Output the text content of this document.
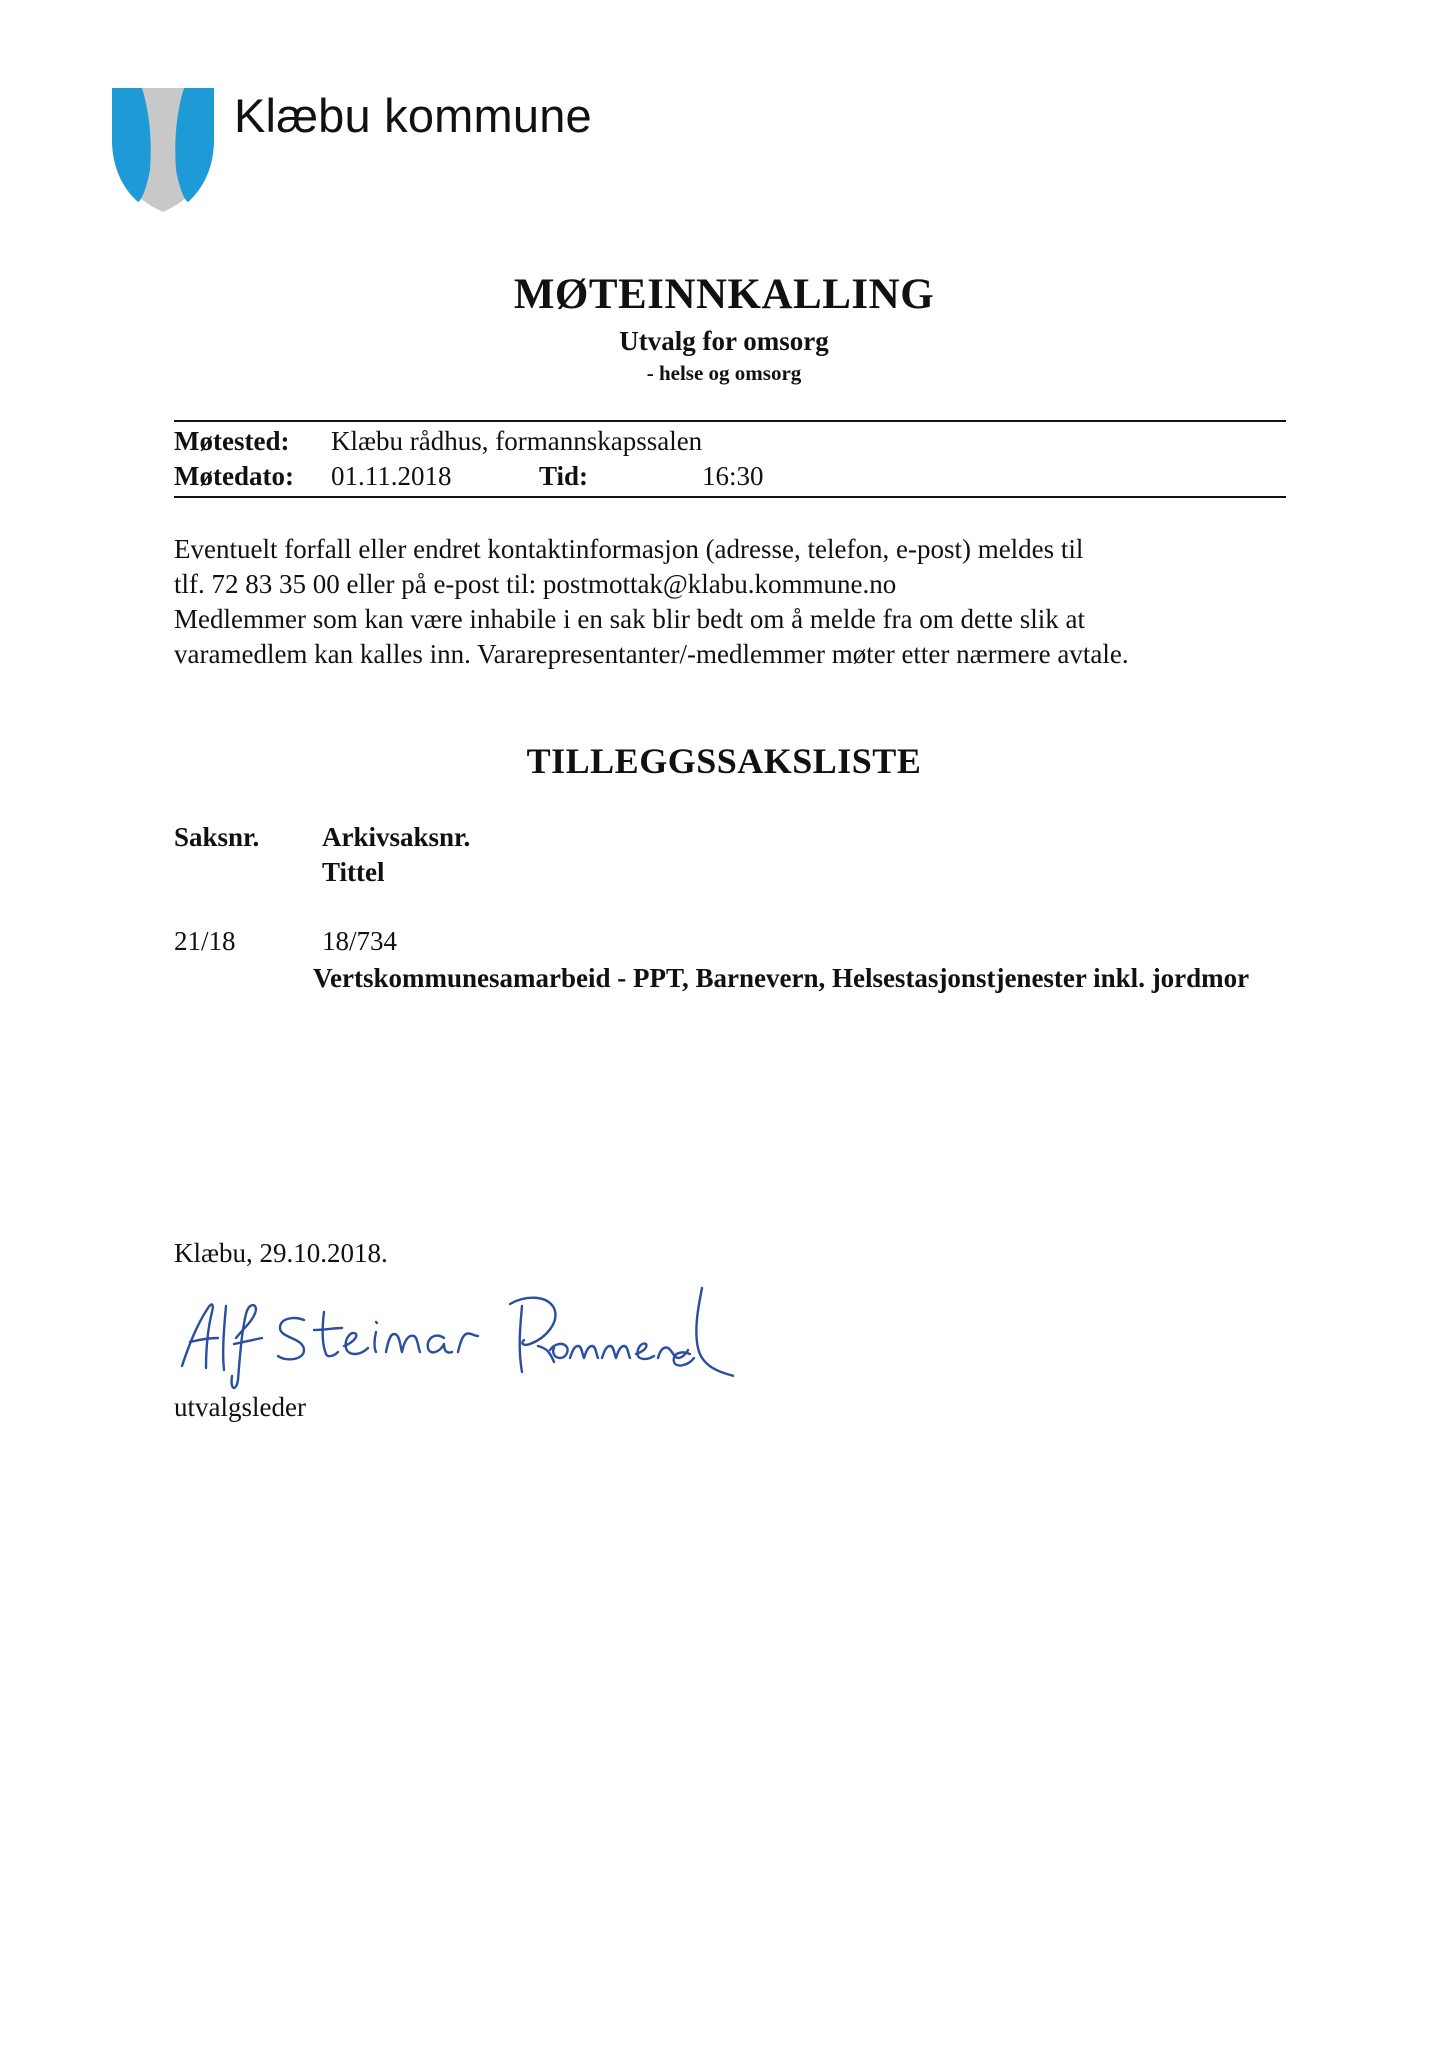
Klæbu kommune
MØTEINNKALLING
Utvalg for omsorg
- helse og omsorg
Møtested: Klæbu rådhus, formannskapssalen
Møtedato: 01.11.2018	Tid:	16:30
Eventuelt forfall eller endret kontaktinformasjon (adresse, telefon, e-post) meldes til
tlf. 72 83 35 00 eller på e-post til: postmottak@klabu.kommune.no
Medlemmer som kan være inhabile i en sak blir bedt om å melde fra om dette slik at
varamedlem kan kalles inn. Vararepresentanter/-medlemmer møter etter nærmere avtale.
TILLEGGSSAKSLISTE
Saksnr. Arkivsaksnr.
Tittel
21/18	18/734
Vertskommunesamarbeid - PPT, Barnevern, Helsestasjonstjenester inkl. jordmor
Klæbu, 29.10.2018.
utvalgsleder
